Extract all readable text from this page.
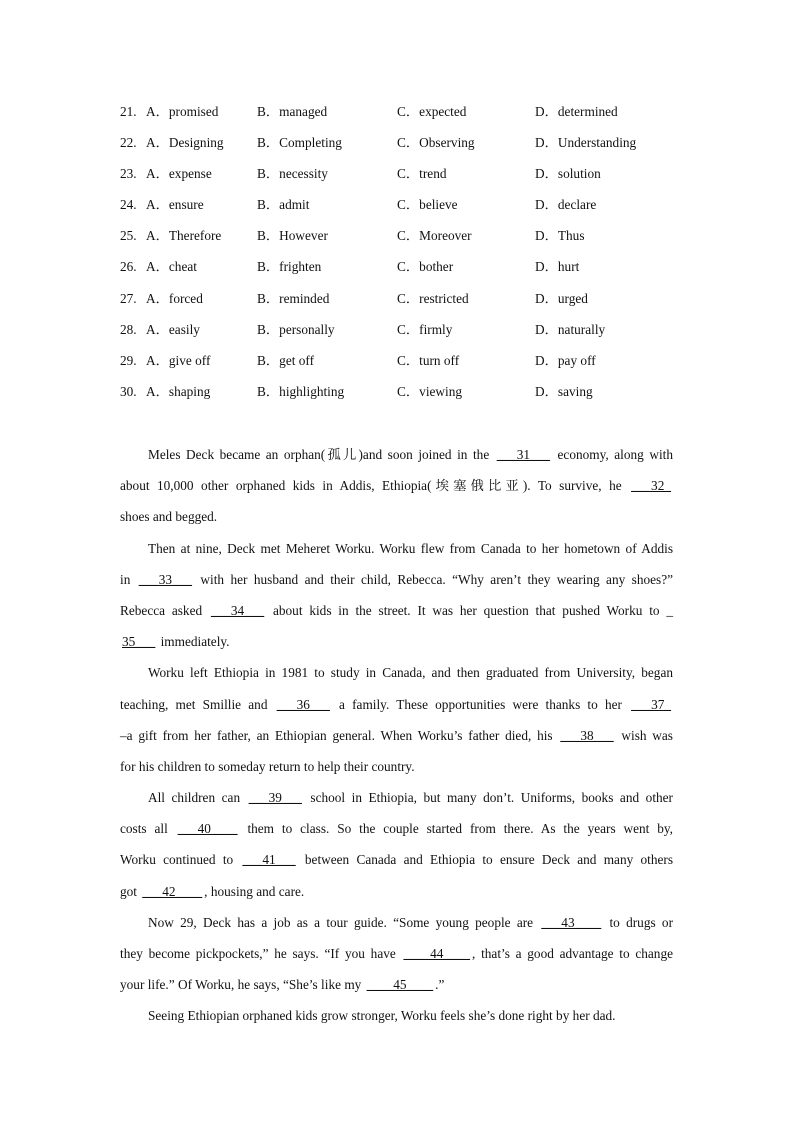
21. A．promised	B．managed	C．expected	D．determined
22. A．Designing	B．Completing	C．Observing	D．Understanding
23. A．expense	B．necessity	C．trend	D．solution
24. A．ensure	B．admit	C．believe	D．declare
25. A．Therefore	B．However	C．Moreover	D．Thus
26. A．cheat	B．frighten	C．bother	D．hurt
27. A．forced	B．reminded	C．restricted	D．urged
28. A．easily	B．personally	C．firmly	D．naturally
29. A．give off	B．get off	C．turn off	D．pay off
30. A．shaping	B．highlighting	C．viewing	D．saving
Meles Deck became an orphan(孤儿)and soon joined in the ___31___ economy, along with
about 10,000 other orphaned kids in Addis, Ethiopia(埃塞俄比亚). To survive, he ___32_
shoes and begged.
Then at nine, Deck met Meheret Worku. Worku flew from Canada to her hometown of Addis
in ___33___ with her husband and their child, Rebecca. “Why aren’t they wearing any shoes?”
Rebecca asked ___34___ about kids in the street. It was her question that pushed Worku to _
35___ immediately.
Worku left Ethiopia in 1981 to study in Canada, and then graduated from University, began
teaching, met Smillie and ___36___ a family. These opportunities were thanks to her ___37_
–a gift from her father, an Ethiopian general. When Worku’s father died, his ___38___ wish was
for his children to someday return to help their country.
All children can ___39___ school in Ethiopia, but many don’t. Uniforms, books and other
costs all ___40____ them to class. So the couple started from there. As the years went by,
Worku continued to ___41___ between Canada and Ethiopia to ensure Deck and many others
got ___42____ , housing and care.
Now 29, Deck has a job as a tour guide. “Some young people are ___43____ to drugs or
they become pickpockets,” he says. “If you have ____44____ , that’s a good advantage to change
your life.” Of Worku, he says, “She’s like my ____45____ .”
Seeing Ethiopian orphaned kids grow stronger, Worku feels she’s done right by her dad.
